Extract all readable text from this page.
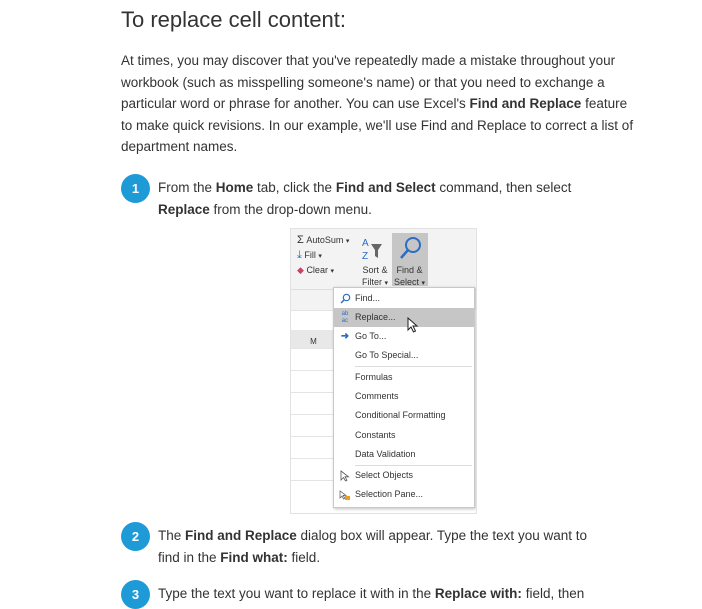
To replace cell content:

At times, you may discover that you've repeatedly made a mistake throughout your workbook (such as misspelling someone's name) or that you need to exchange a particular word or phrase for another. You can use Excel's Find and Replace feature to make quick revisions. In our example, we'll use Find and Replace to correct a list of department names.

1	From the Home tab, click the Find and Select command, then select Replace from the drop-down menu.
Σ AutoSum ▾
⤓ Fill ▾
◆ Clear ▾
A
Z
Sort &
Filter ▾
Find &
Select ▾
M
Find...
ab
ac Replace...
➜ Go To...
Go To Special...
Formulas
Comments
Conditional Formatting
Constants
Data Validation
Select Objects
Selection Pane...
2	The Find and Replace dialog box will appear. Type the text you want to find in the Find what: field.
3	Type the text you want to replace it with in the Replace with: field, then
